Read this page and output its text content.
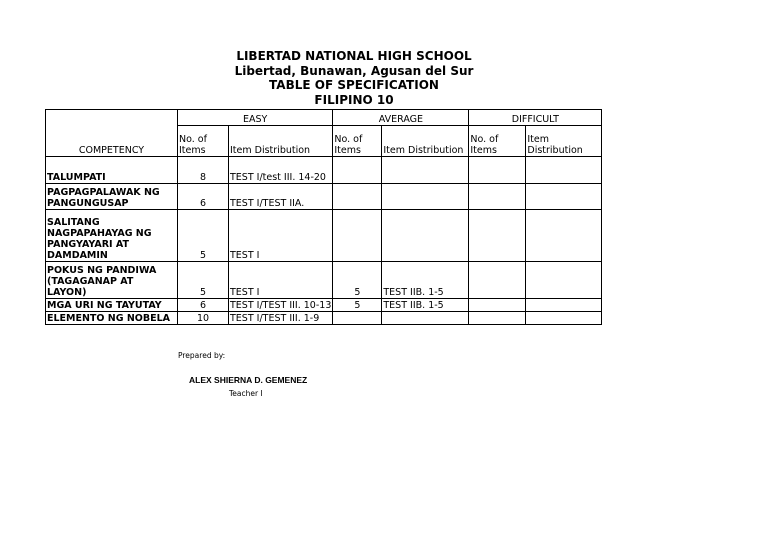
LIBERTAD NATIONAL HIGH SCHOOL
Libertad, Bunawan, Agusan del Sur
TABLE OF SPECIFICATION
FILIPINO 10
COMPETENCY	EASY		AVERAGE		DIFFICULT	
	No. of Items	Item Distribution	No. of Items	Item Distribution	No. of Items	Item Distribution
TALUMPATI	8	TEST I/test III. 14-20				
PAGPAGPALAWAK NG PANGUNGUSAP	6	TEST I/TEST IIA.				
SALITANG NAGPAPAHAYAG NG PANGYAYARI AT DAMDAMIN	5	TEST I				
POKUS NG PANDIWA (TAGAGANAP AT LAYON)	5	TEST I	5	TEST IIB. 1-5		
MGA URI NG TAYUTAY	6	TEST I/TEST III. 10-13	5	TEST IIB. 1-5		
ELEMENTO NG NOBELA	10	TEST I/TEST III. 1-9				
Prepared by:
ALEX SHIERNA D. GEMENEZ
Teacher I
